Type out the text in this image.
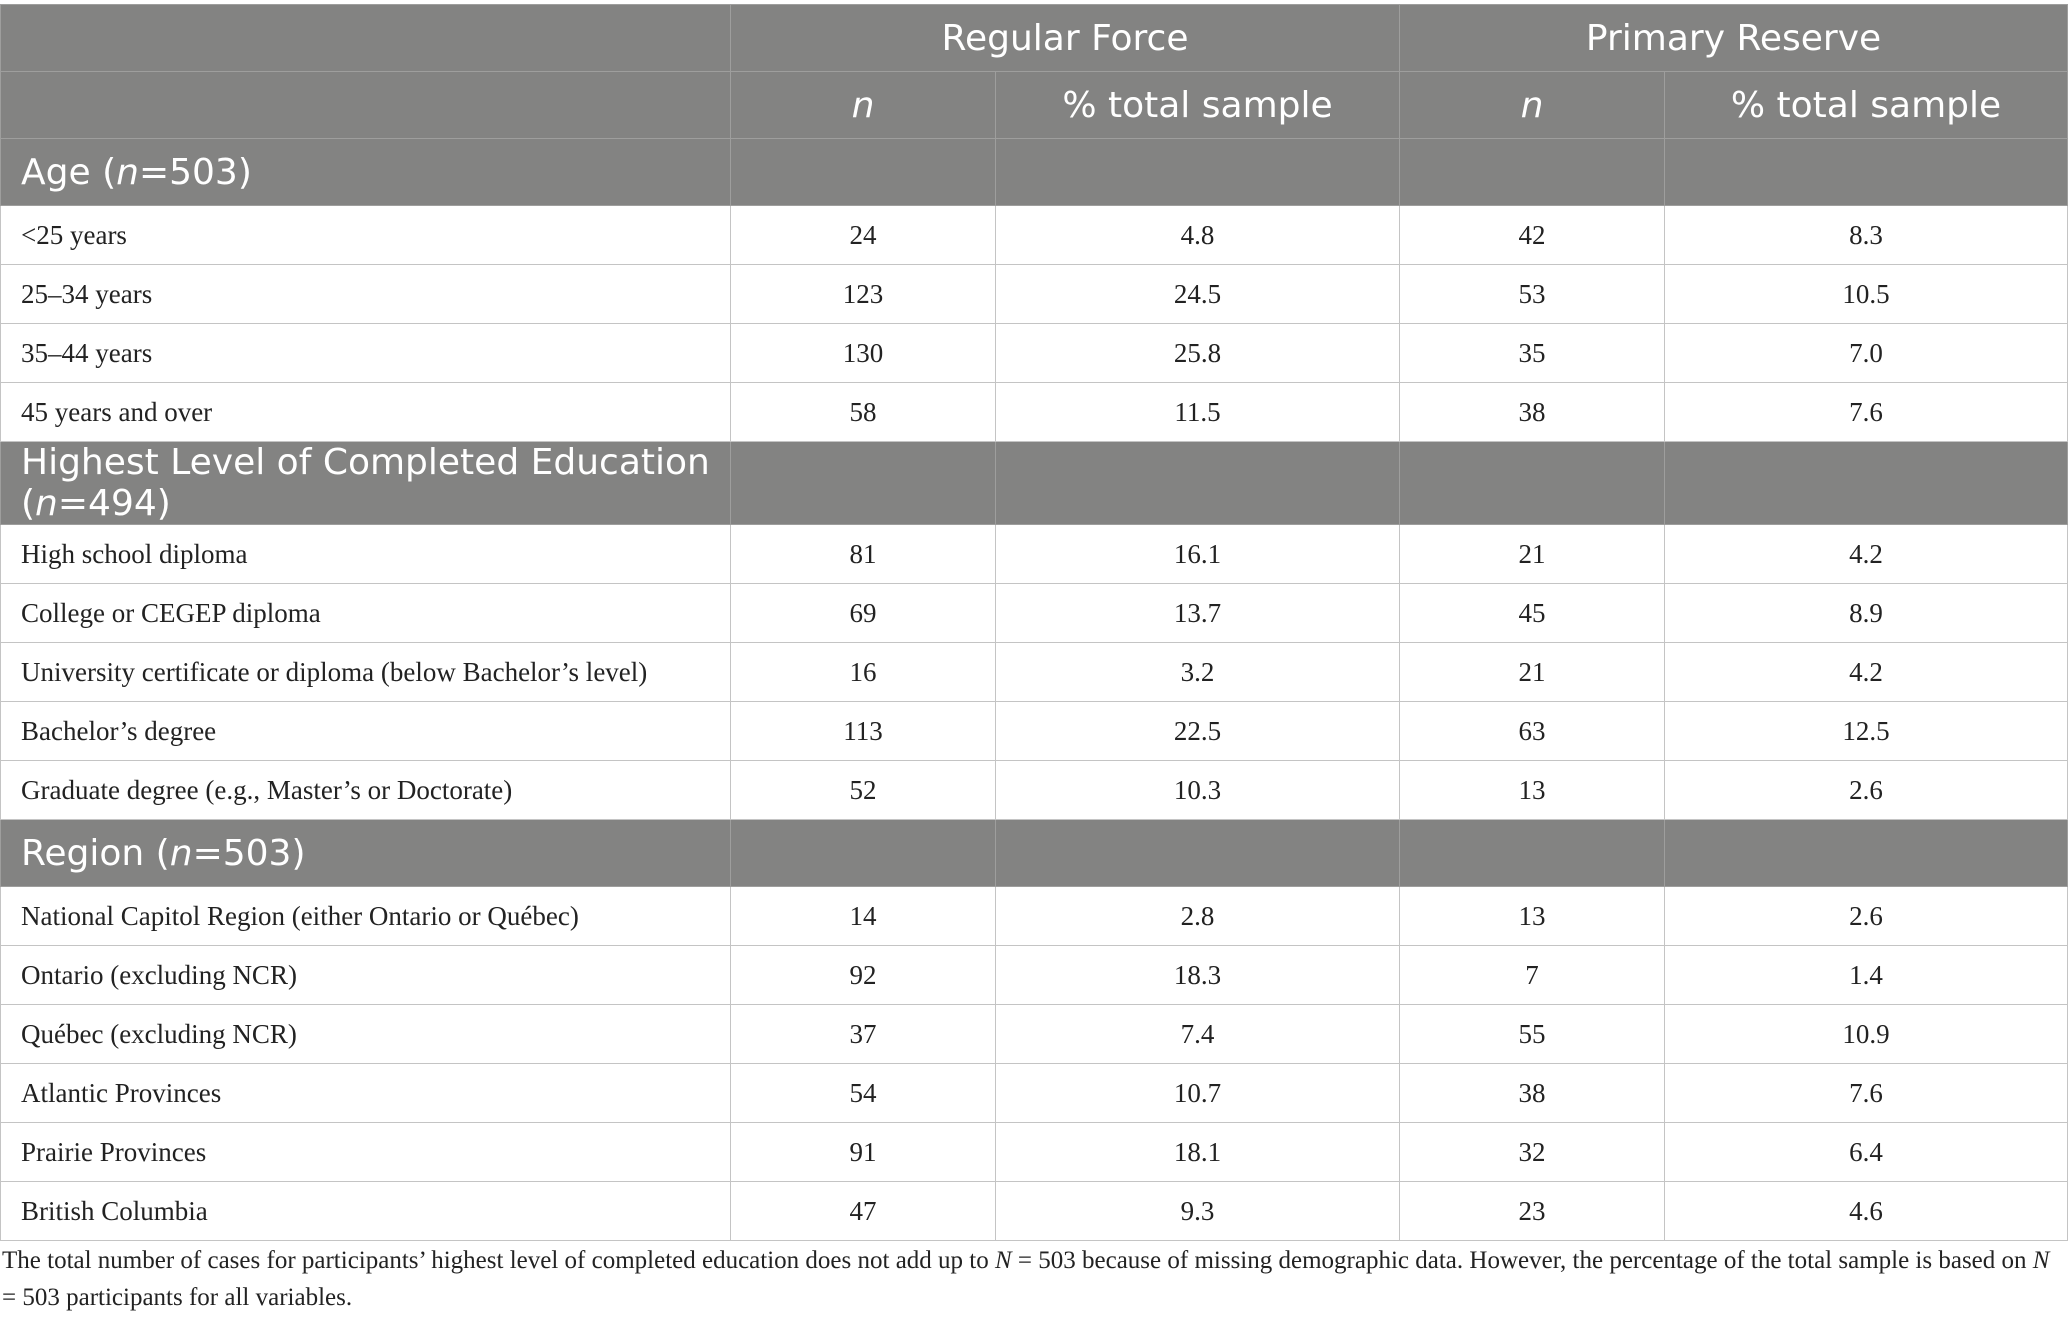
	Regular Force		Primary Reserve	
	n	% total sample	n	% total sample
Age (n=503)				
<25 years	24	4.8	42	8.3
25–34 years	123	24.5	53	10.5
35–44 years	130	25.8	35	7.0
45 years and over	58	11.5	38	7.6
Highest Level of Completed Education (n=494)				
High school diploma	81	16.1	21	4.2
College or CEGEP diploma	69	13.7	45	8.9
University certificate or diploma (below Bachelor’s level)	16	3.2	21	4.2
Bachelor’s degree	113	22.5	63	12.5
Graduate degree (e.g., Master’s or Doctorate)	52	10.3	13	2.6
Region (n=503)				
National Capitol Region (either Ontario or Québec)	14	2.8	13	2.6
Ontario (excluding NCR)	92	18.3	7	1.4
Québec (excluding NCR)	37	7.4	55	10.9
Atlantic Provinces	54	10.7	38	7.6
Prairie Provinces	91	18.1	32	6.4
British Columbia	47	9.3	23	4.6
The total number of cases for participants’ highest level of completed education does not add up to N = 503 because of missing demographic data. However, the percentage of the total sample is based on N = 503 participants for all variables.
